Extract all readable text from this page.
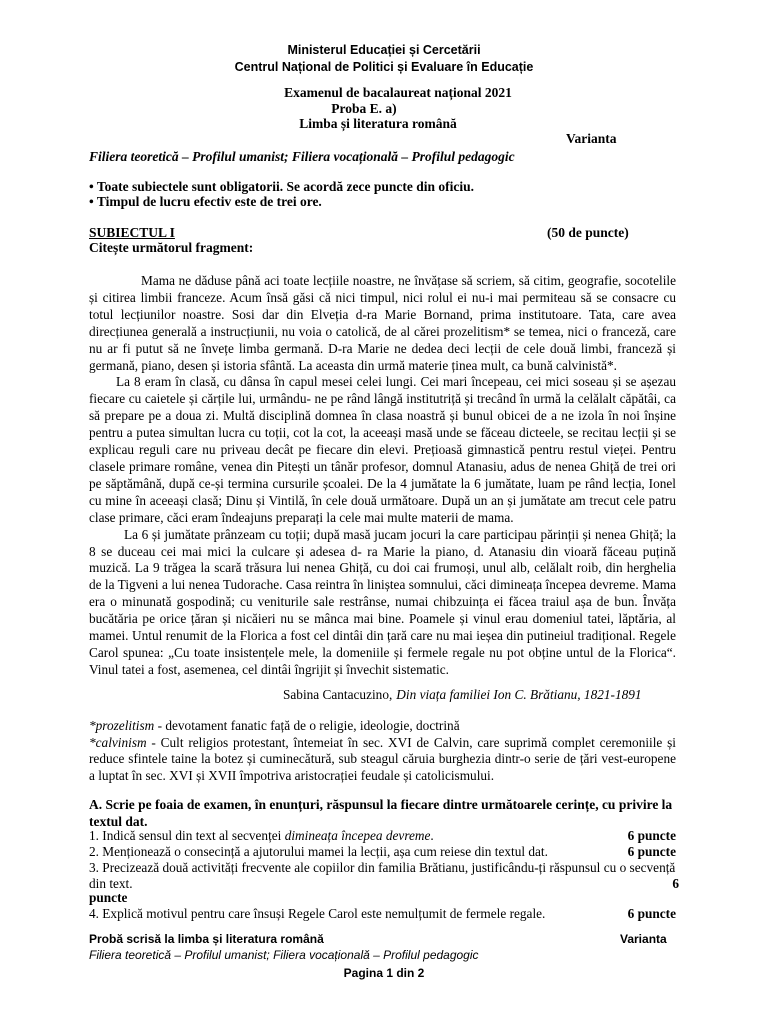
Ministerul Educației și Cercetării
Centrul Național de Politici și Evaluare în Educație
Examenul de bacalaureat național 2021
Proba E. a)
Limba și literatura română
Varianta
Filiera teoretică – Profilul umanist; Filiera vocațională – Profilul pedagogic
• Toate subiectele sunt obligatorii. Se acordă zece puncte din oficiu.
• Timpul de lucru efectiv este de trei ore.
SUBIECTUL I	(50 de puncte)
Citește următorul fragment:

Mama ne dăduse până aci toate lecțiile noastre, ne învățase să scriem, să citim, geografie, socotelile și citirea limbii franceze. Acum însă găsi că nici timpul, nici rolul ei nu-i mai permiteau să se consacre cu totul lecțiunilor noastre. Sosi dar din Elveția d-ra Marie Bornand, prima institutoare. Tata, care avea direcțiunea generală a instrucțiunii, nu voia o catolică, de al cărei prozelitism* se temea, nici o franceză, care nu ar fi putut să ne învețe limba germană. D-ra Marie ne dedea deci lecții de cele două limbi, franceză și germană, piano, desen și istoria sfântă. La aceasta din urmă materie ținea mult, ca bună calvinistă*.

La 8 eram în clasă, cu dânsa în capul mesei celei lungi. Cei mari începeau, cei mici soseau și se așezau fiecare cu caietele și cărțile lui, urmându- ne pe rând lângă institutriță și trecând în urmă la celălalt căpătâi, ca să prepare pe a doua zi. Multă disciplină domnea în clasa noastră și bunul obicei de a ne izola în noi înșine pentru a putea simultan lucra cu toții, cot la cot, la aceeași masă unde se făceau dicteele, se recitau lecții și se explicau reguli care nu priveau decât pe fiecare din elevi. Prețioasă gimnastică pentru restul vieței. Pentru clasele primare române, venea din Pitești un tânăr profesor, domnul Atanasiu, adus de nenea Ghiță de trei ori pe săptămână, după ce-și termina cursurile școalei. De la 4 jumătate la 6 jumătate, luam pe rând lecția, Ionel cu mine în aceeași clasă; Dinu și Vintilă, în cele două următoare. După un an și jumătate am trecut cele patru clase primare, căci eram îndeajuns preparați la cele mai multe materii de mama.

La 6 și jumătate prânzeam cu toții; după masă jucam jocuri la care participau părinții și nenea Ghiță; la 8 se duceau cei mai mici la culcare și adesea d- ra Marie la piano, d. Atanasiu din vioară făceau puțină muzică. La 9 trăgea la scară trăsura lui nenea Ghiță, cu doi cai frumoși, unul alb, celălalt roib, din herghelia de la Tigveni a lui nenea Tudorache. Casa reintra în liniștea somnului, căci dimineața începea devreme. Mama era o minunată gospodină; cu veniturile sale restrânse, numai chibzuința ei făcea traiul așa de bun. Învăța bucătăria pe orice țăran și nicăieri nu se mânca mai bine. Poamele și vinul erau domeniul tatei, lăptăria, al mamei. Untul renumit de la Florica a fost cel dintâi din țară care nu mai ieșea din putineiul tradițional. Regele Carol spunea: „Cu toate insistențele mele, la domeniile și fermele regale nu pot obține untul de la Florica“. Vinul tatei a fost, asemenea, cel dintâi îngrijit și învechit sistematic.

Sabina Cantacuzino, Din viața familiei Ion C. Brătianu, 1821-1891

*prozelitism - devotament fanatic față de o religie, ideologie, doctrină

*calvinism - Cult religios protestant, întemeiat în sec. XVI de Calvin, care suprimă complet ceremoniile și reduce sfintele taine la botez și cuminecătură, sub steagul căruia burghezia dintr-o serie de țări vest-europene a luptat în sec. XVI și XVII împotriva aristocrației feudale și catolicismului.

A. Scrie pe foaia de examen, în enunțuri, răspunsul la fiecare dintre următoarele cerințe, cu privire la textul dat.
1. Indică sensul din text al secvenței dimineața începea devreme.	6 puncte
2. Menționează o consecință a ajutorului mamei la lecții, așa cum reiese din textul dat.	6 puncte
3. Precizează două activități frecvente ale copiilor din familia Brătianu, justificându-ți răspunsul cu o secvență din text.	6
puncte
4. Explică motivul pentru care însuși Regele Carol este nemulțumit de fermele regale.	6 puncte
Probă scrisă la limba și literatura română	Varianta
Filiera teoretică – Profilul umanist; Filiera vocațională – Profilul pedagogic
Pagina 1 din 2
